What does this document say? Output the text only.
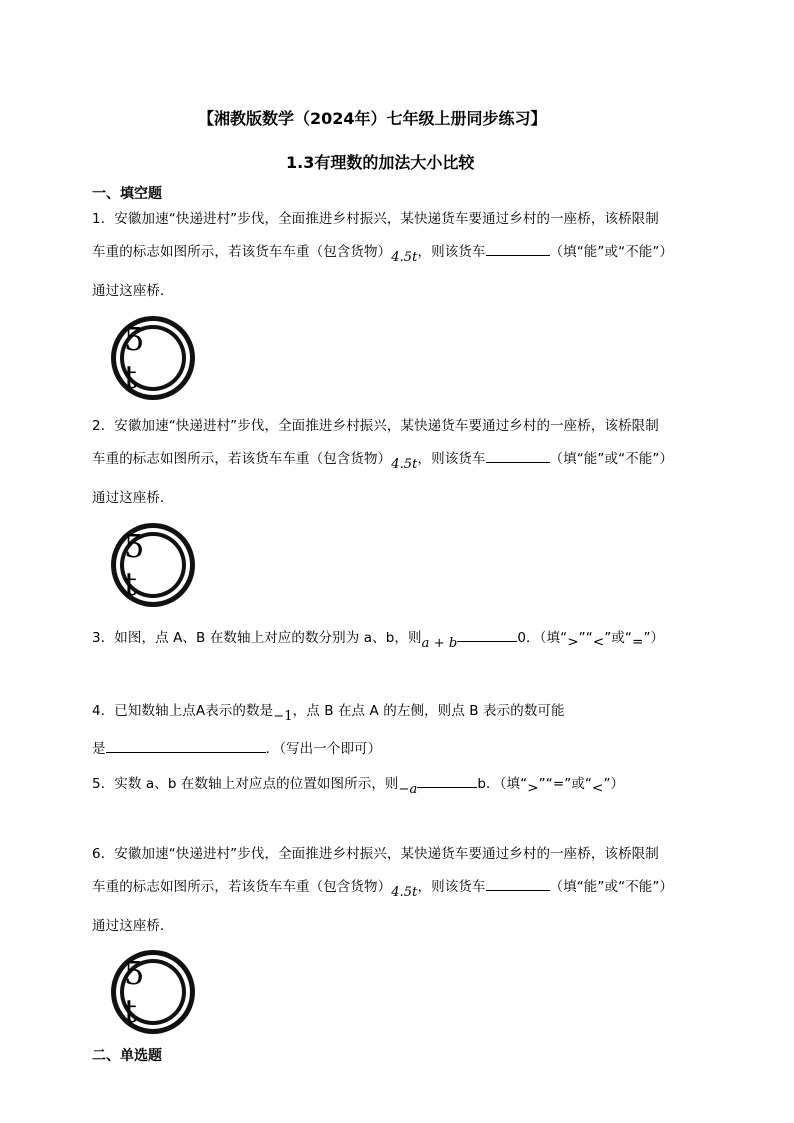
【湘教版数学（2024年）七年级上册同步练习】
1.3有理数的加法大小比较
一、填空题
1．安徽加速“快递进村”步伐，全面推进乡村振兴，某快递货车要通过乡村的一座桥，该桥限制
车重的标志如图所示，若该货车车重（包含货物）4.5t，则该货车	（填“能”或“不能”）
通过这座桥．
5 t
2．安徽加速“快递进村”步伐，全面推进乡村振兴，某快递货车要通过乡村的一座桥，该桥限制
车重的标志如图所示，若该货车车重（包含货物）4.5t，则该货车	（填“能”或“不能”）
通过这座桥．
5 t
3．如图，点 A、B 在数轴上对应的数分别为 a、b，则a + b	0．（填“>”“<”或“=”）
4．已知数轴上点A表示的数是−1，点 B 在点 A 的左侧，则点 B 表示的数可能
是	．（写出一个即可）
5．实数 a、b 在数轴上对应点的位置如图所示，则−a	b．（填“>”“=”或“<”）
6．安徽加速“快递进村”步伐，全面推进乡村振兴，某快递货车要通过乡村的一座桥，该桥限制
车重的标志如图所示，若该货车车重（包含货物）4.5t，则该货车	（填“能”或“不能”）
通过这座桥．
5 t
二、单选题
